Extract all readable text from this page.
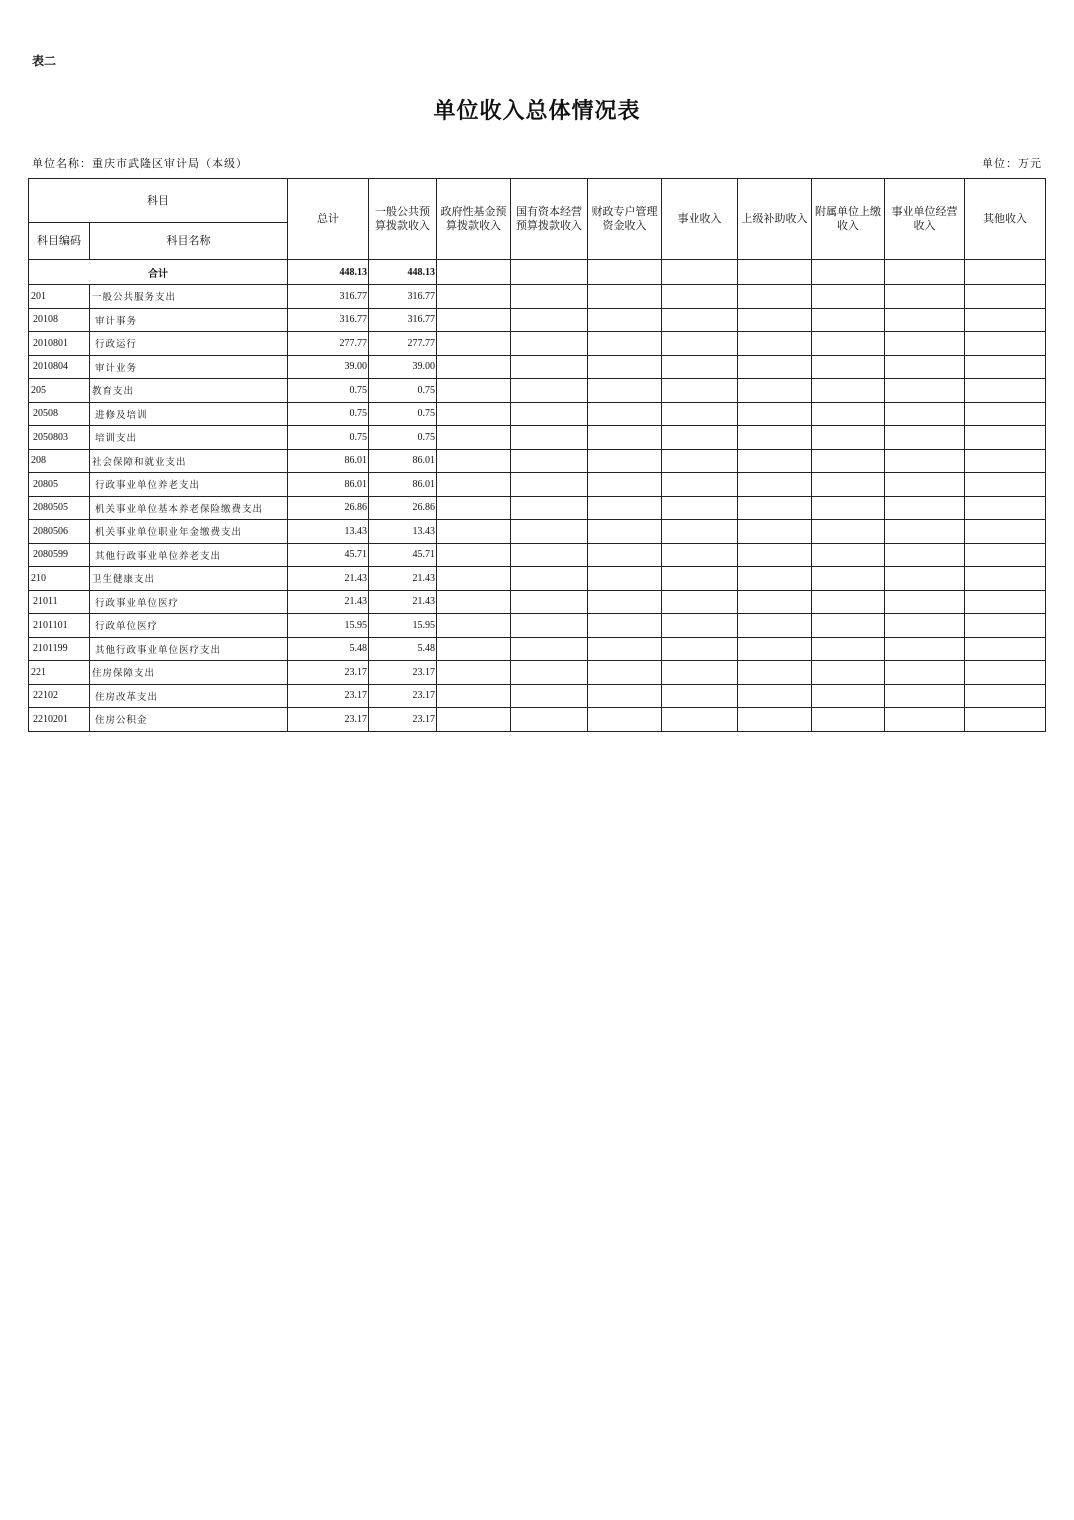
表二
单位收入总体情况表
单位名称：重庆市武隆区审计局（本级）	单位：万元
科目		总计	一般公共预算拨款收入	政府性基金预算拨款收入	国有资本经营预算拨款收入	财政专户管理资金收入	事业收入	上级补助收入	附属单位上缴收入	事业单位经营收入	其他收入
科目编码	科目名称										
合计		448.13	448.13								
201	一般公共服务支出	316.77	316.77								
20108	审计事务	316.77	316.77								
2010801	行政运行	277.77	277.77								
2010804	审计业务	39.00	39.00								
205	教育支出	0.75	0.75								
20508	进修及培训	0.75	0.75								
2050803	培训支出	0.75	0.75								
208	社会保障和就业支出	86.01	86.01								
20805	行政事业单位养老支出	86.01	86.01								
2080505	机关事业单位基本养老保险缴费支出	26.86	26.86								
2080506	机关事业单位职业年金缴费支出	13.43	13.43								
2080599	其他行政事业单位养老支出	45.71	45.71								
210	卫生健康支出	21.43	21.43								
21011	行政事业单位医疗	21.43	21.43								
2101101	行政单位医疗	15.95	15.95								
2101199	其他行政事业单位医疗支出	5.48	5.48								
221	住房保障支出	23.17	23.17								
22102	住房改革支出	23.17	23.17								
2210201	住房公积金	23.17	23.17								
